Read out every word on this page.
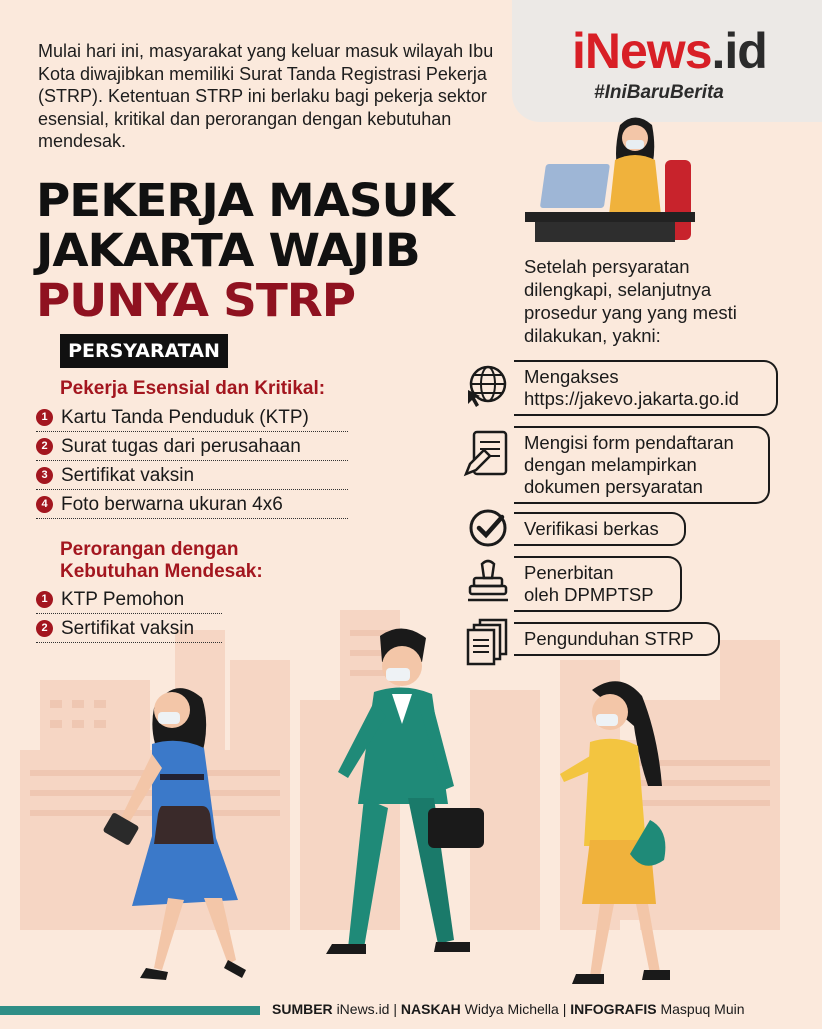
iNews.id
#IniBaruBerita
Mulai hari ini, masyarakat yang keluar masuk wilayah Ibu Kota diwajibkan memiliki Surat Tanda Registrasi Pekerja (STRP). Ketentuan STRP ini berlaku bagi pekerja sektor esensial, kritikal dan perorangan dengan kebutuhan mendesak.
PEKERJA MASUK
JAKARTA WAJIB
PUNYA STRP
PERSYARATAN
Pekerja Esensial dan Kritikal:
1 Kartu Tanda Penduduk (KTP)
2 Surat tugas dari perusahaan
3 Sertifikat vaksin
4 Foto berwarna ukuran 4x6
Perorangan dengan
Kebutuhan Mendesak:
1 KTP Pemohon
2 Sertifikat vaksin
Setelah persyaratan dilengkapi, selanjutnya prosedur yang yang mesti dilakukan, yakni:
Mengakses
https://jakevo.jakarta.go.id
Mengisi form pendaftaran
dengan melampirkan
dokumen persyaratan
Verifikasi berkas
Penerbitan
oleh DPMPTSP
Pengunduhan STRP
SUMBER iNews.id | NASKAH Widya Michella | INFOGRAFIS Maspuq Muin
